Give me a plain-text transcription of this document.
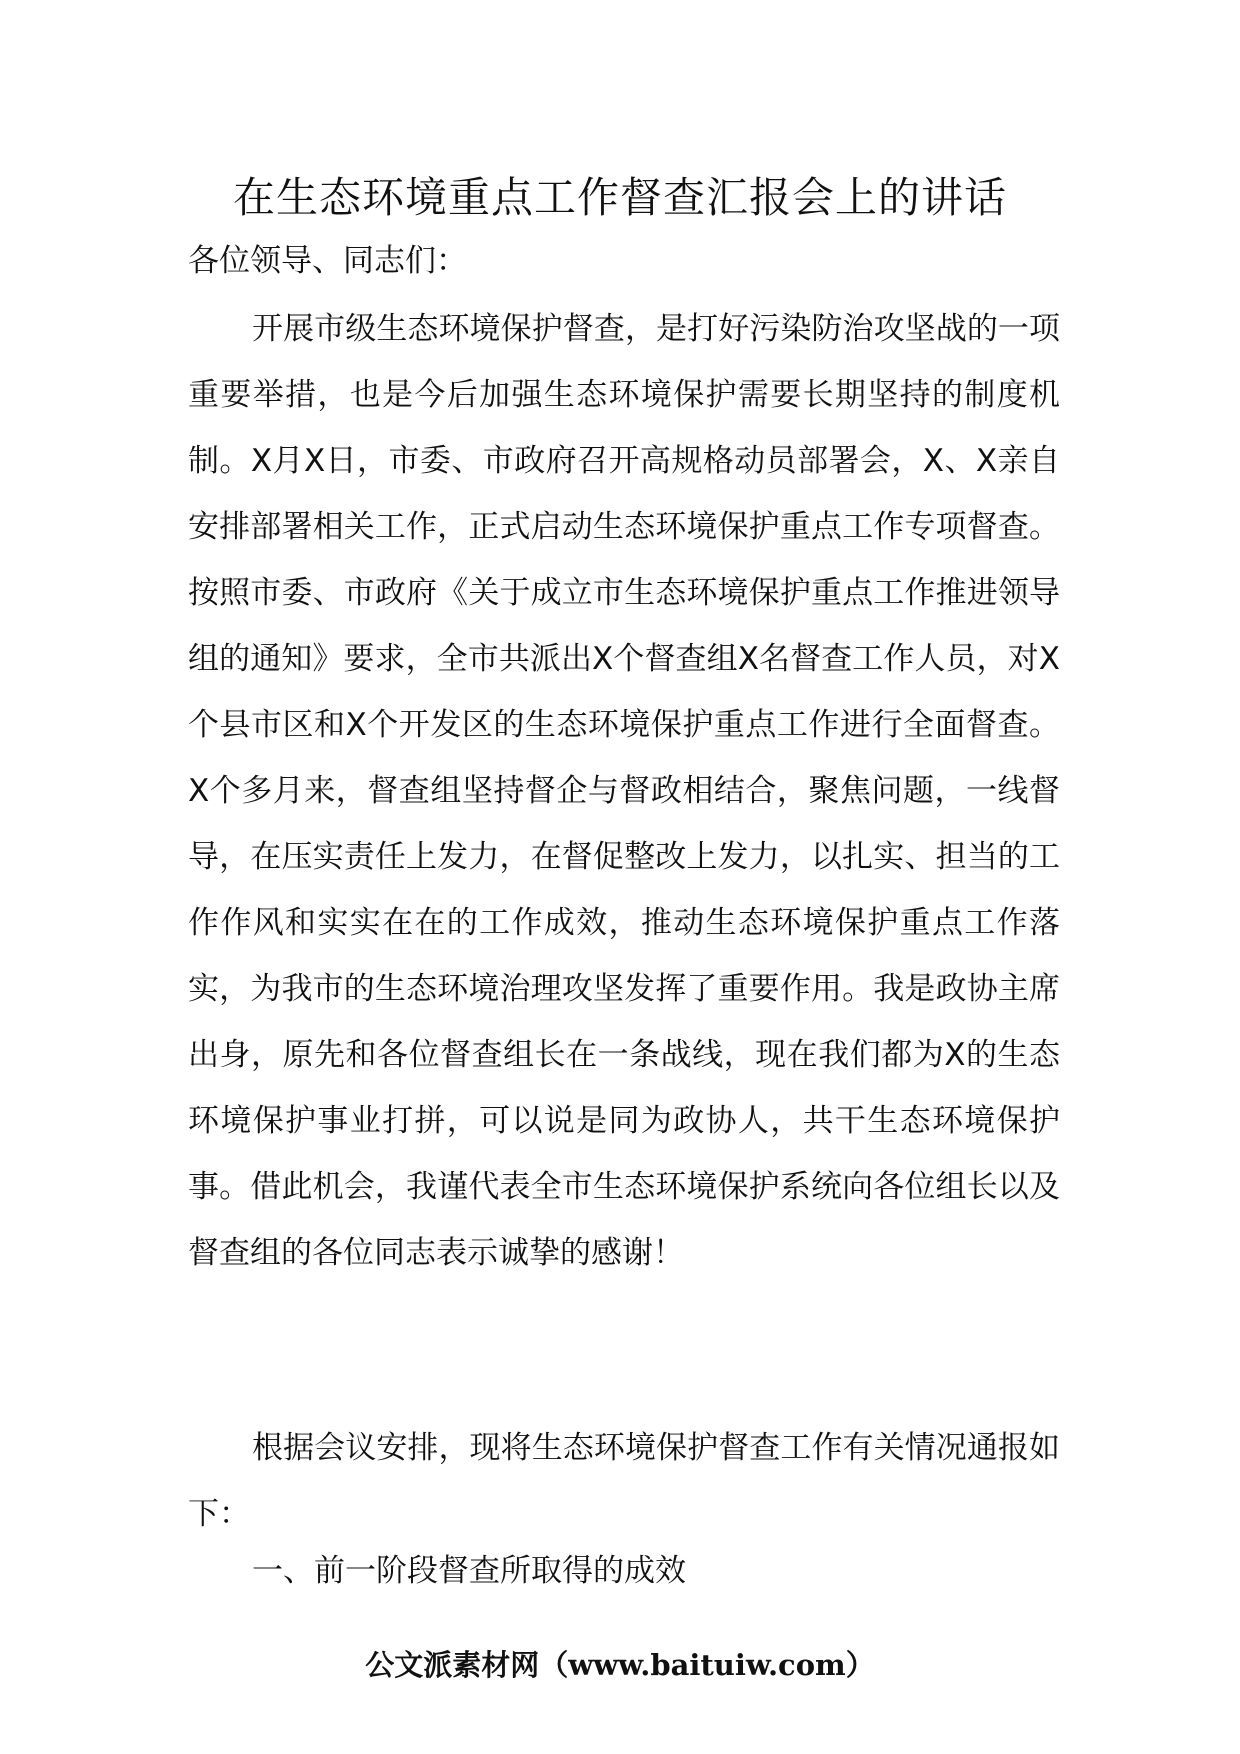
在生态环境重点工作督查汇报会上的讲话
各位领导、同志们：

开展市级生态环境保护督查，是打好污染防治攻坚战的一项重要举措，也是今后加强生态环境保护需要长期坚持的制度机制。X月X日，市委、市政府召开高规格动员部署会，X、X亲自安排部署相关工作，正式启动生态环境保护重点工作专项督查。按照市委、市政府《关于成立市生态环境保护重点工作推进领导组的通知》要求，全市共派出X个督查组X名督查工作人员，对X个县市区和X个开发区的生态环境保护重点工作进行全面督查。X个多月来，督查组坚持督企与督政相结合，聚焦问题，一线督导，在压实责任上发力，在督促整改上发力，以扎实、担当的工作作风和实实在在的工作成效，推动生态环境保护重点工作落实，为我市的生态环境治理攻坚发挥了重要作用。我是政协主席出身，原先和各位督查组长在一条战线，现在我们都为X的生态环境保护事业打拼，可以说是同为政协人，共干生态环境保护事。借此机会，我谨代表全市生态环境保护系统向各位组长以及督查组的各位同志表示诚挚的感谢！

根据会议安排，现将生态环境保护督查工作有关情况通报如下：

一、前一阶段督查所取得的成效
公文派素材网（www.baituiw.com）
